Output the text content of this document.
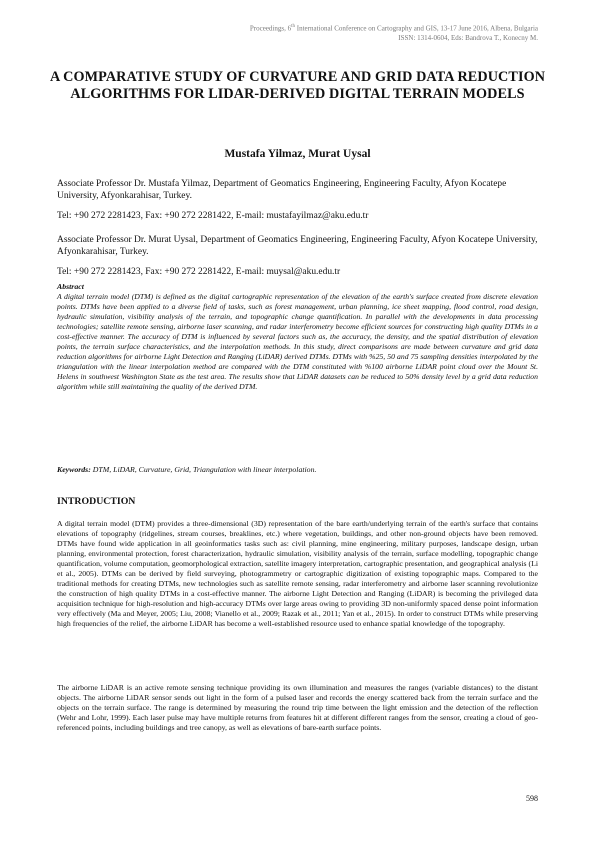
Proceedings, 6th International Conference on Cartography and GIS, 13-17 June 2016, Albena, Bulgaria
ISSN: 1314-0604, Eds: Bandrova T., Konecny M.
A COMPARATIVE STUDY OF CURVATURE AND GRID DATA REDUCTION ALGORITHMS FOR LIDAR-DERIVED DIGITAL TERRAIN MODELS
Mustafa Yilmaz, Murat Uysal
Associate Professor Dr. Mustafa Yilmaz, Department of Geomatics Engineering, Engineering Faculty, Afyon Kocatepe University, Afyonkarahisar, Turkey.
Tel: +90 272 2281423, Fax: +90 272 2281422, E-mail: mustafayilmaz@aku.edu.tr
Associate Professor Dr. Murat Uysal, Department of Geomatics Engineering, Engineering Faculty, Afyon Kocatepe University, Afyonkarahisar, Turkey.
Tel: +90 272 2281423, Fax: +90 272 2281422, E-mail: muysal@aku.edu.tr
Abstract
A digital terrain model (DTM) is defined as the digital cartographic representation of the elevation of the earth's surface created from discrete elevation points. DTMs have been applied to a diverse field of tasks, such as forest management, urban planning, ice sheet mapping, flood control, road design, hydraulic simulation, visibility analysis of the terrain, and topographic change quantification. In parallel with the developments in data processing technologies; satellite remote sensing, airborne laser scanning, and radar interferometry become efficient sources for constructing high quality DTMs in a cost-effective manner. The accuracy of DTM is influenced by several factors such as, the accuracy, the density, and the spatial distribution of elevation points, the terrain surface characteristics, and the interpolation methods. In this study, direct comparisons are made between curvature and grid data reduction algorithms for airborne Light Detection and Ranging (LiDAR) derived DTMs. DTMs with %25, 50 and 75 sampling densities interpolated by the triangulation with the linear interpolation method are compared with the DTM constituted with %100 airborne LiDAR point cloud over the Mount St. Helens in southwest Washington State as the test area. The results show that LiDAR datasets can be reduced to 50% density level by a grid data reduction algorithm while still maintaining the quality of the derived DTM.
Keywords: DTM, LiDAR, Curvature, Grid, Triangulation with linear interpolation.
INTRODUCTION
A digital terrain model (DTM) provides a three-dimensional (3D) representation of the bare earth/underlying terrain of the earth's surface that contains elevations of topography (ridgelines, stream courses, breaklines, etc.) where vegetation, buildings, and other non-ground objects have been removed. DTMs have found wide application in all geoinformatics tasks such as: civil planning, mine engineering, military purposes, landscape design, urban planning, environmental protection, forest characterization, hydraulic simulation, visibility analysis of the terrain, surface modelling, topographic change quantification, volume computation, geomorphological extraction, satellite imagery interpretation, cartographic presentation, and geographical analysis (Li et al., 2005). DTMs can be derived by field surveying, photogrammetry or cartographic digitization of existing topographic maps. Compared to the traditional methods for creating DTMs, new technologies such as satellite remote sensing, radar interferometry and airborne laser scanning revolutionize the construction of high quality DTMs in a cost-effective manner. The airborne Light Detection and Ranging (LiDAR) is becoming the privileged data acquisition technique for high-resolution and high-accuracy DTMs over large areas owing to providing 3D non-uniformly spaced dense point information very effectively (Ma and Meyer, 2005; Liu, 2008; Vianello et al., 2009; Razak et al., 2011; Yan et al., 2015). In order to construct DTMs while preserving high frequencies of the relief, the airborne LiDAR has become a well-established resource used to enhance spatial knowledge of the topography.
The airborne LiDAR is an active remote sensing technique providing its own illumination and measures the ranges (variable distances) to the distant objects. The airborne LiDAR sensor sends out light in the form of a pulsed laser and records the energy scattered back from the terrain surface and the objects on the terrain surface. The range is determined by measuring the round trip time between the light emission and the detection of the reflection (Wehr and Lohr, 1999). Each laser pulse may have multiple returns from features hit at different different ranges from the sensor, creating a cloud of geo-referenced points, including buildings and tree canopy, as well as elevations of bare-earth surface points.
598
